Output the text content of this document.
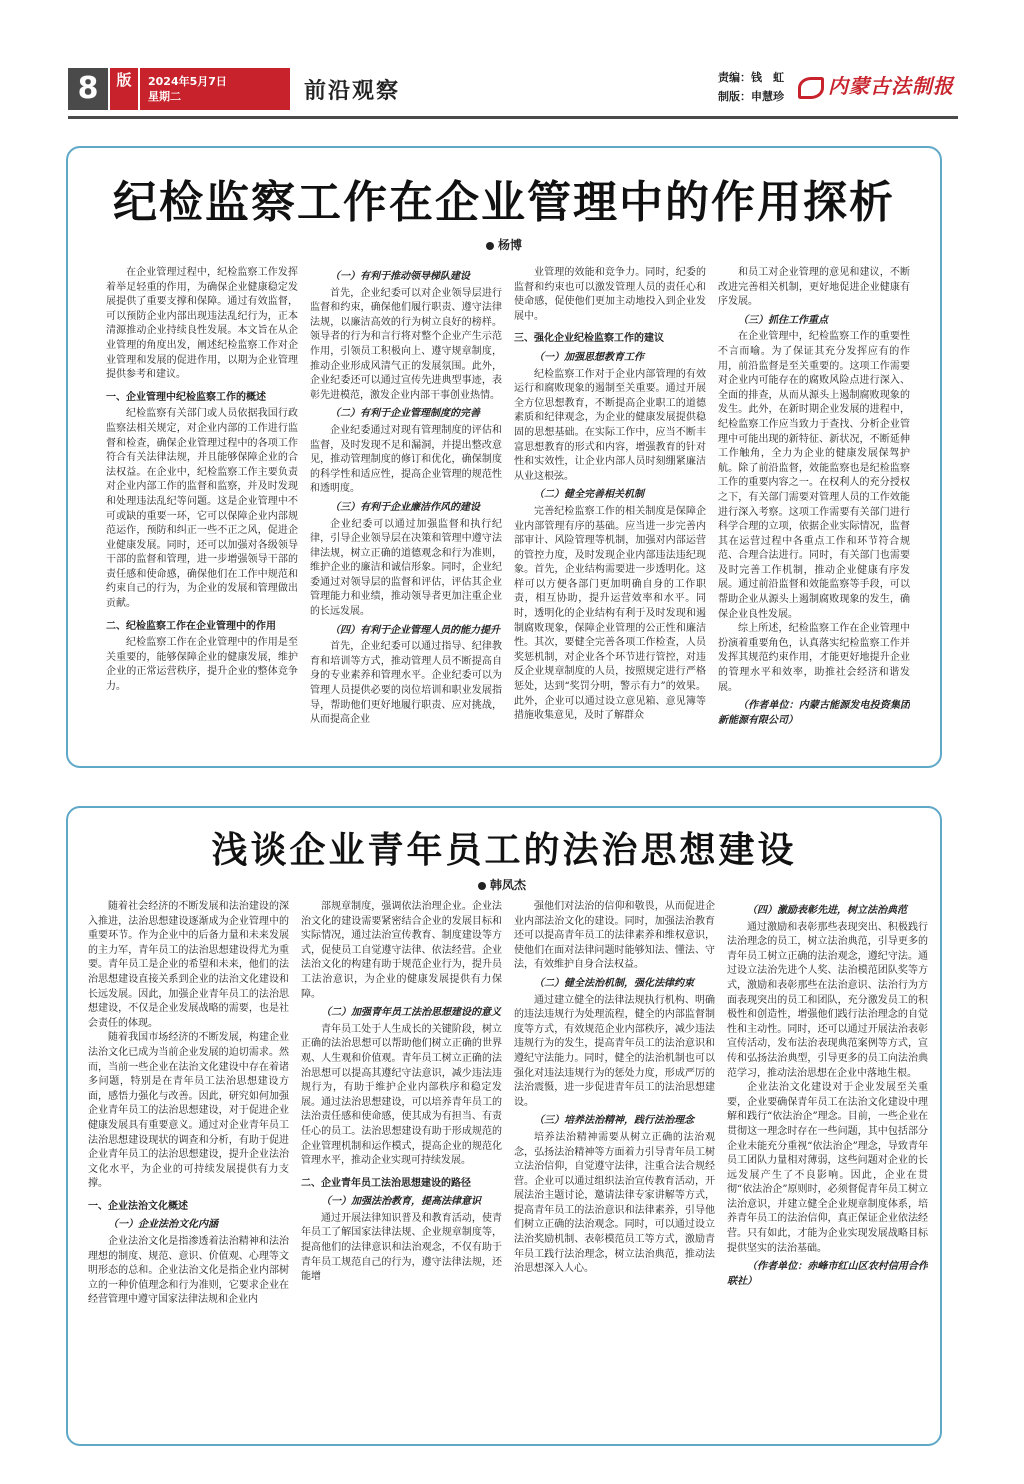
8	版	2024年5月7日
星期二	前沿观察
责编：钱　虹
制版：申慧珍	内蒙古法制报
纪检监察工作在企业管理中的作用探析
杨博

在企业管理过程中，纪检监察工作发挥着举足轻重的作用，为确保企业健康稳定发展提供了重要支撑和保障。通过有效监督，可以预防企业内部出现违法乱纪行为，正本清源推动企业持续良性发展。本文旨在从企业管理的角度出发，阐述纪检监察工作对企业管理和发展的促进作用，以期为企业管理提供参考和建议。

一、企业管理中纪检监察工作的概述

纪检监察有关部门或人员依据我国行政监察法相关规定，对企业内部的工作进行监督和检查，确保企业管理过程中的各项工作符合有关法律法规，并且能够保障企业的合法权益。在企业中，纪检监察工作主要负责对企业内部工作的监督和监察，并及时发现和处理违法乱纪等问题。这是企业管理中不可或缺的重要一环，它可以保障企业内部规范运作，预防和纠正一些不正之风，促进企业健康发展。同时，还可以加强对各级领导干部的监督和管理，进一步增强领导干部的责任感和使命感，确保他们在工作中规范和约束自己的行为，为企业的发展和管理做出贡献。

二、纪检监察工作在企业管理中的作用

纪检监察工作在企业管理中的作用是至关重要的，能够保障企业的健康发展，维护企业的正常运营秩序，提升企业的整体竞争力。

（一）有利于推动领导梯队建设

首先，企业纪委可以对企业领导层进行监督和约束，确保他们履行职责、遵守法律法规，以廉洁高效的行为树立良好的榜样。领导者的行为和言行将对整个企业产生示范作用，引领员工积极向上、遵守规章制度，推动企业形成风清气正的发展氛围。此外，企业纪委还可以通过宣传先进典型事迹，表彰先进模范，激发企业内部干事创业热情。

（二）有利于企业管理制度的完善

企业纪委通过对现有管理制度的评估和监督，及时发现不足和漏洞，并提出整改意见，推动管理制度的修订和优化，确保制度的科学性和适应性，提高企业管理的规范性和透明度。

（三）有利于企业廉洁作风的建设

企业纪委可以通过加强监督和执行纪律，引导企业领导层在决策和管理中遵守法律法规，树立正确的道德观念和行为准则，维护企业的廉洁和诚信形象。同时，企业纪委通过对领导层的监督和评估，评估其企业管理能力和业绩，推动领导者更加注重企业的长远发展。

（四）有利于企业管理人员的能力提升

首先，企业纪委可以通过指导、纪律教育和培训等方式，推动管理人员不断提高自身的专业素养和管理水平。企业纪委可以为管理人员提供必要的岗位培训和职业发展指导，帮助他们更好地履行职责、应对挑战，从而提高企业

业管理的效能和竞争力。同时，纪委的监督和约束也可以激发管理人员的责任心和使命感，促使他们更加主动地投入到企业发展中。

三、强化企业纪检监察工作的建议
（一）加强思想教育工作

纪检监察工作对于企业内部管理的有效运行和腐败现象的遏制至关重要。通过开展全方位思想教育，不断提高企业职工的道德素质和纪律观念，为企业的健康发展提供稳固的思想基础。在实际工作中，应当不断丰富思想教育的形式和内容，增强教育的针对性和实效性，让企业内部人员时刻绷紧廉洁从业这根弦。

（二）健全完善相关机制

完善纪检监察工作的相关制度是保障企业内部管理有序的基础。应当进一步完善内部审计、风险管理等机制，加强对内部运营的管控力度，及时发现企业内部违法违纪现象。首先，企业结构需要进一步透明化。这样可以方便各部门更加明确自身的工作职责，相互协助，提升运营效率和水平。同时，透明化的企业结构有利于及时发现和遏制腐败现象，保障企业管理的公正性和廉洁性。其次，要健全完善各项工作检查，人员奖惩机制，对企业各个环节进行管控，对违反企业规章制度的人员，按照规定进行严格惩处，达到“奖罚分明，警示有力”的效果。此外，企业可以通过设立意见箱、意见簿等措施收集意见，及时了解群众

和员工对企业管理的意见和建议，不断改进完善相关机制，更好地促进企业健康有序发展。

（三）抓住工作重点

在企业管理中，纪检监察工作的重要性不言而喻。为了保证其充分发挥应有的作用，前沿监督是至关重要的。这项工作需要对企业内可能存在的腐败风险点进行深入、全面的排查，从而从源头上遏制腐败现象的发生。此外，在新时期企业发展的进程中，纪检监察工作应当致力于查找、分析企业管理中可能出现的新特征、新状况，不断延伸工作触角，全力为企业的健康发展保驾护航。除了前沿监督，效能监察也是纪检监察工作的重要内容之一。在权利人的充分授权之下，有关部门需要对管理人员的工作效能进行深入考察。这项工作需要有关部门进行科学合理的立项，依据企业实际情况，监督其在运营过程中各重点工作和环节符合规范、合理合法进行。同时，有关部门也需要及时完善工作机制，推动企业健康有序发展。通过前沿监督和效能监察等手段，可以帮助企业从源头上遏制腐败现象的发生，确保企业良性发展。

综上所述，纪检监察工作在企业管理中扮演着重要角色，认真落实纪检监察工作并发挥其规范约束作用，才能更好地提升企业的管理水平和效率，助推社会经济和谐发展。

（作者单位：内蒙古能源发电投资集团新能源有限公司）
浅谈企业青年员工的法治思想建设
韩凤杰

随着社会经济的不断发展和法治建设的深入推进，法治思想建设逐渐成为企业管理中的重要环节。作为企业中的后备力量和未来发展的主力军，青年员工的法治思想建设得尤为重要。青年员工是企业的希望和未来，他们的法治思想建设直接关系到企业的法治文化建设和长远发展。因此，加强企业青年员工的法治思想建设，不仅是企业发展战略的需要，也是社会责任的体现。

随着我国市场经济的不断发展，构建企业法治文化已成为当前企业发展的迫切需求。然而，当前一些企业在法治文化建设中存在着诸多问题，特别是在青年员工法治思想建设方面，感悟力强化与改善。因此，研究如何加强企业青年员工的法治思想建设，对于促进企业健康发展具有重要意义。通过对企业青年员工法治思想建设现状的调查和分析，有助于促进企业青年员工的法治思想建设，提升企业法治文化水平，为企业的可持续发展提供有力支撑。

一、企业法治文化概述
（一）企业法治文化内涵

企业法治文化是指渗透着法治精神和法治理想的制度、规范、意识、价值观、心理等文明形态的总和。企业法治文化是指企业内部树立的一种价值理念和行为准则，它要求企业在经营管理中遵守国家法律法规和企业内

部规章制度，强调依法治理企业。企业法治文化的建设需要紧密结合企业的发展目标和实际情况，通过法治宣传教育、制度建设等方式，促使员工自觉遵守法律、依法经营。企业法治文化的构建有助于规范企业行为，提升员工法治意识，为企业的健康发展提供有力保障。

（二）加强青年员工法治思想建设的意义

青年员工处于人生成长的关键阶段，树立正确的法治思想可以帮助他们树立正确的世界观、人生观和价值观。青年员工树立正确的法治思想可以提高其遵纪守法意识，减少违法违规行为，有助于维护企业内部秩序和稳定发展。通过法治思想建设，可以培养青年员工的法治责任感和使命感，使其成为有担当、有责任心的员工。法治思想建设有助于形成规范的企业管理机制和运作模式，提高企业的规范化管理水平，推动企业实现可持续发展。

二、企业青年员工法治思想建设的路径
（一）加强法治教育，提高法律意识

通过开展法律知识普及和教育活动，使青年员工了解国家法律法规、企业规章制度等，提高他们的法律意识和法治观念，不仅有助于青年员工规范自己的行为，遵守法律法规，还能增

强他们对法治的信仰和敬畏，从而促进企业内部法治文化的建设。同时，加强法治教育还可以提高青年员工的法律素养和维权意识，使他们在面对法律问题时能够知法、懂法、守法，有效维护自身合法权益。

（二）健全法治机制，强化法律约束

通过建立健全的法律法规执行机构、明确的违法违规行为处理流程，健全的内部监督制度等方式，有效规范企业内部秩序，减少违法违规行为的发生，提高青年员工的法治意识和遵纪守法能力。同时，健全的法治机制也可以强化对违法违规行为的惩处力度，形成严厉的法治震慑，进一步促进青年员工的法治思想建设。

（三）培养法治精神，践行法治理念

培养法治精神需要从树立正确的法治观念，弘扬法治精神等方面着力引导青年员工树立法治信仰，自觉遵守法律，注重合法合规经营。企业可以通过组织法治宣传教育活动，开展法治主题讨论，邀请法律专家讲解等方式，提高青年员工的法治意识和法律素养，引导他们树立正确的法治观念。同时，可以通过设立法治奖励机制、表彰模范员工等方式，激励青年员工践行法治理念，树立法治典范，推动法治思想深入人心。

（四）激励表彰先进，树立法治典范

通过激励和表彰那些表现突出、积极践行法治理念的员工，树立法治典范，引导更多的青年员工树立正确的法治观念，遵纪守法。通过设立法治先进个人奖、法治模范团队奖等方式，激励和表彰那些在法治意识、法治行为方面表现突出的员工和团队，充分激发员工的积极性和创造性，增强他们践行法治理念的自觉性和主动性。同时，还可以通过开展法治表彰宣传活动，发布法治表现典范案例等方式，宣传和弘扬法治典型，引导更多的员工向法治典范学习，推动法治思想在企业中落地生根。

企业法治文化建设对于企业发展至关重要，企业要确保青年员工在法治文化建设中理解和践行“依法治企”理念。目前，一些企业在贯彻这一理念时存在一些问题，其中包括部分企业未能充分重视“依法治企”理念，导致青年员工团队力量相对薄弱，这些问题对企业的长远发展产生了不良影响。因此，企业在贯彻“依法治企”原则时，必须督促青年员工树立法治意识，并建立健全企业规章制度体系，培养青年员工的法治信仰，真正保证企业依法经营。只有如此，才能为企业实现发展战略目标提供坚实的法治基础。

（作者单位：赤峰市红山区农村信用合作联社）
